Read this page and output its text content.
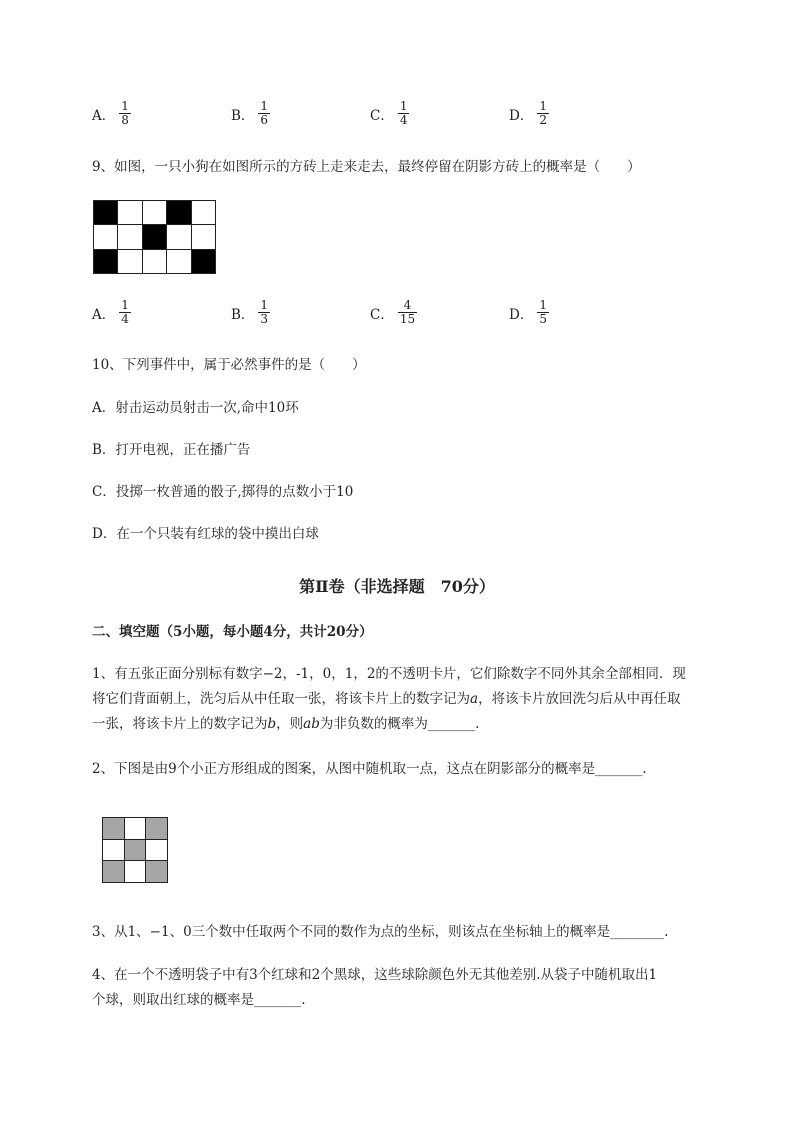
A． $\frac{1}{8}$	B． $\frac{1}{6}$	C． $\frac{1}{4}$	D． $\frac{1}{2}$
9、如图，一只小狗在如图所示的方砖上走来走去，最终停留在阴影方砖上的概率是（　　）
A． $\frac{1}{4}$	B． $\frac{1}{3}$	C． $\frac{4}{15}$	D． $\frac{1}{5}$
10、下列事件中，属于必然事件的是（　　）
A．射击运动员射击一次,命中10环
B．打开电视，正在播广告
C．投掷一枚普通的骰子,掷得的点数小于10
D．在一个只装有红球的袋中摸出白球
第Ⅱ卷（非选择题　70分）
二、填空题（5小题，每小题4分，共计20分）
1、有五张正面分别标有数字−2，-1，0，1，2的不透明卡片，它们除数字不同外其余全部相同．现
将它们背面朝上，洗匀后从中任取一张，将该卡片上的数字记为a，将该卡片放回洗匀后从中再任取
一张，将该卡片上的数字记为b，则ab为非负数的概率为_______.
2、下图是由9个小正方形组成的图案，从图中随机取一点，这点在阴影部分的概率是_______.
3、从1、−1、0三个数中任取两个不同的数作为点的坐标，则该点在坐标轴上的概率是________.
4、在一个不透明袋子中有3个红球和2个黑球，这些球除颜色外无其他差别.从袋子中随机取出1
个球，则取出红球的概率是_______.
